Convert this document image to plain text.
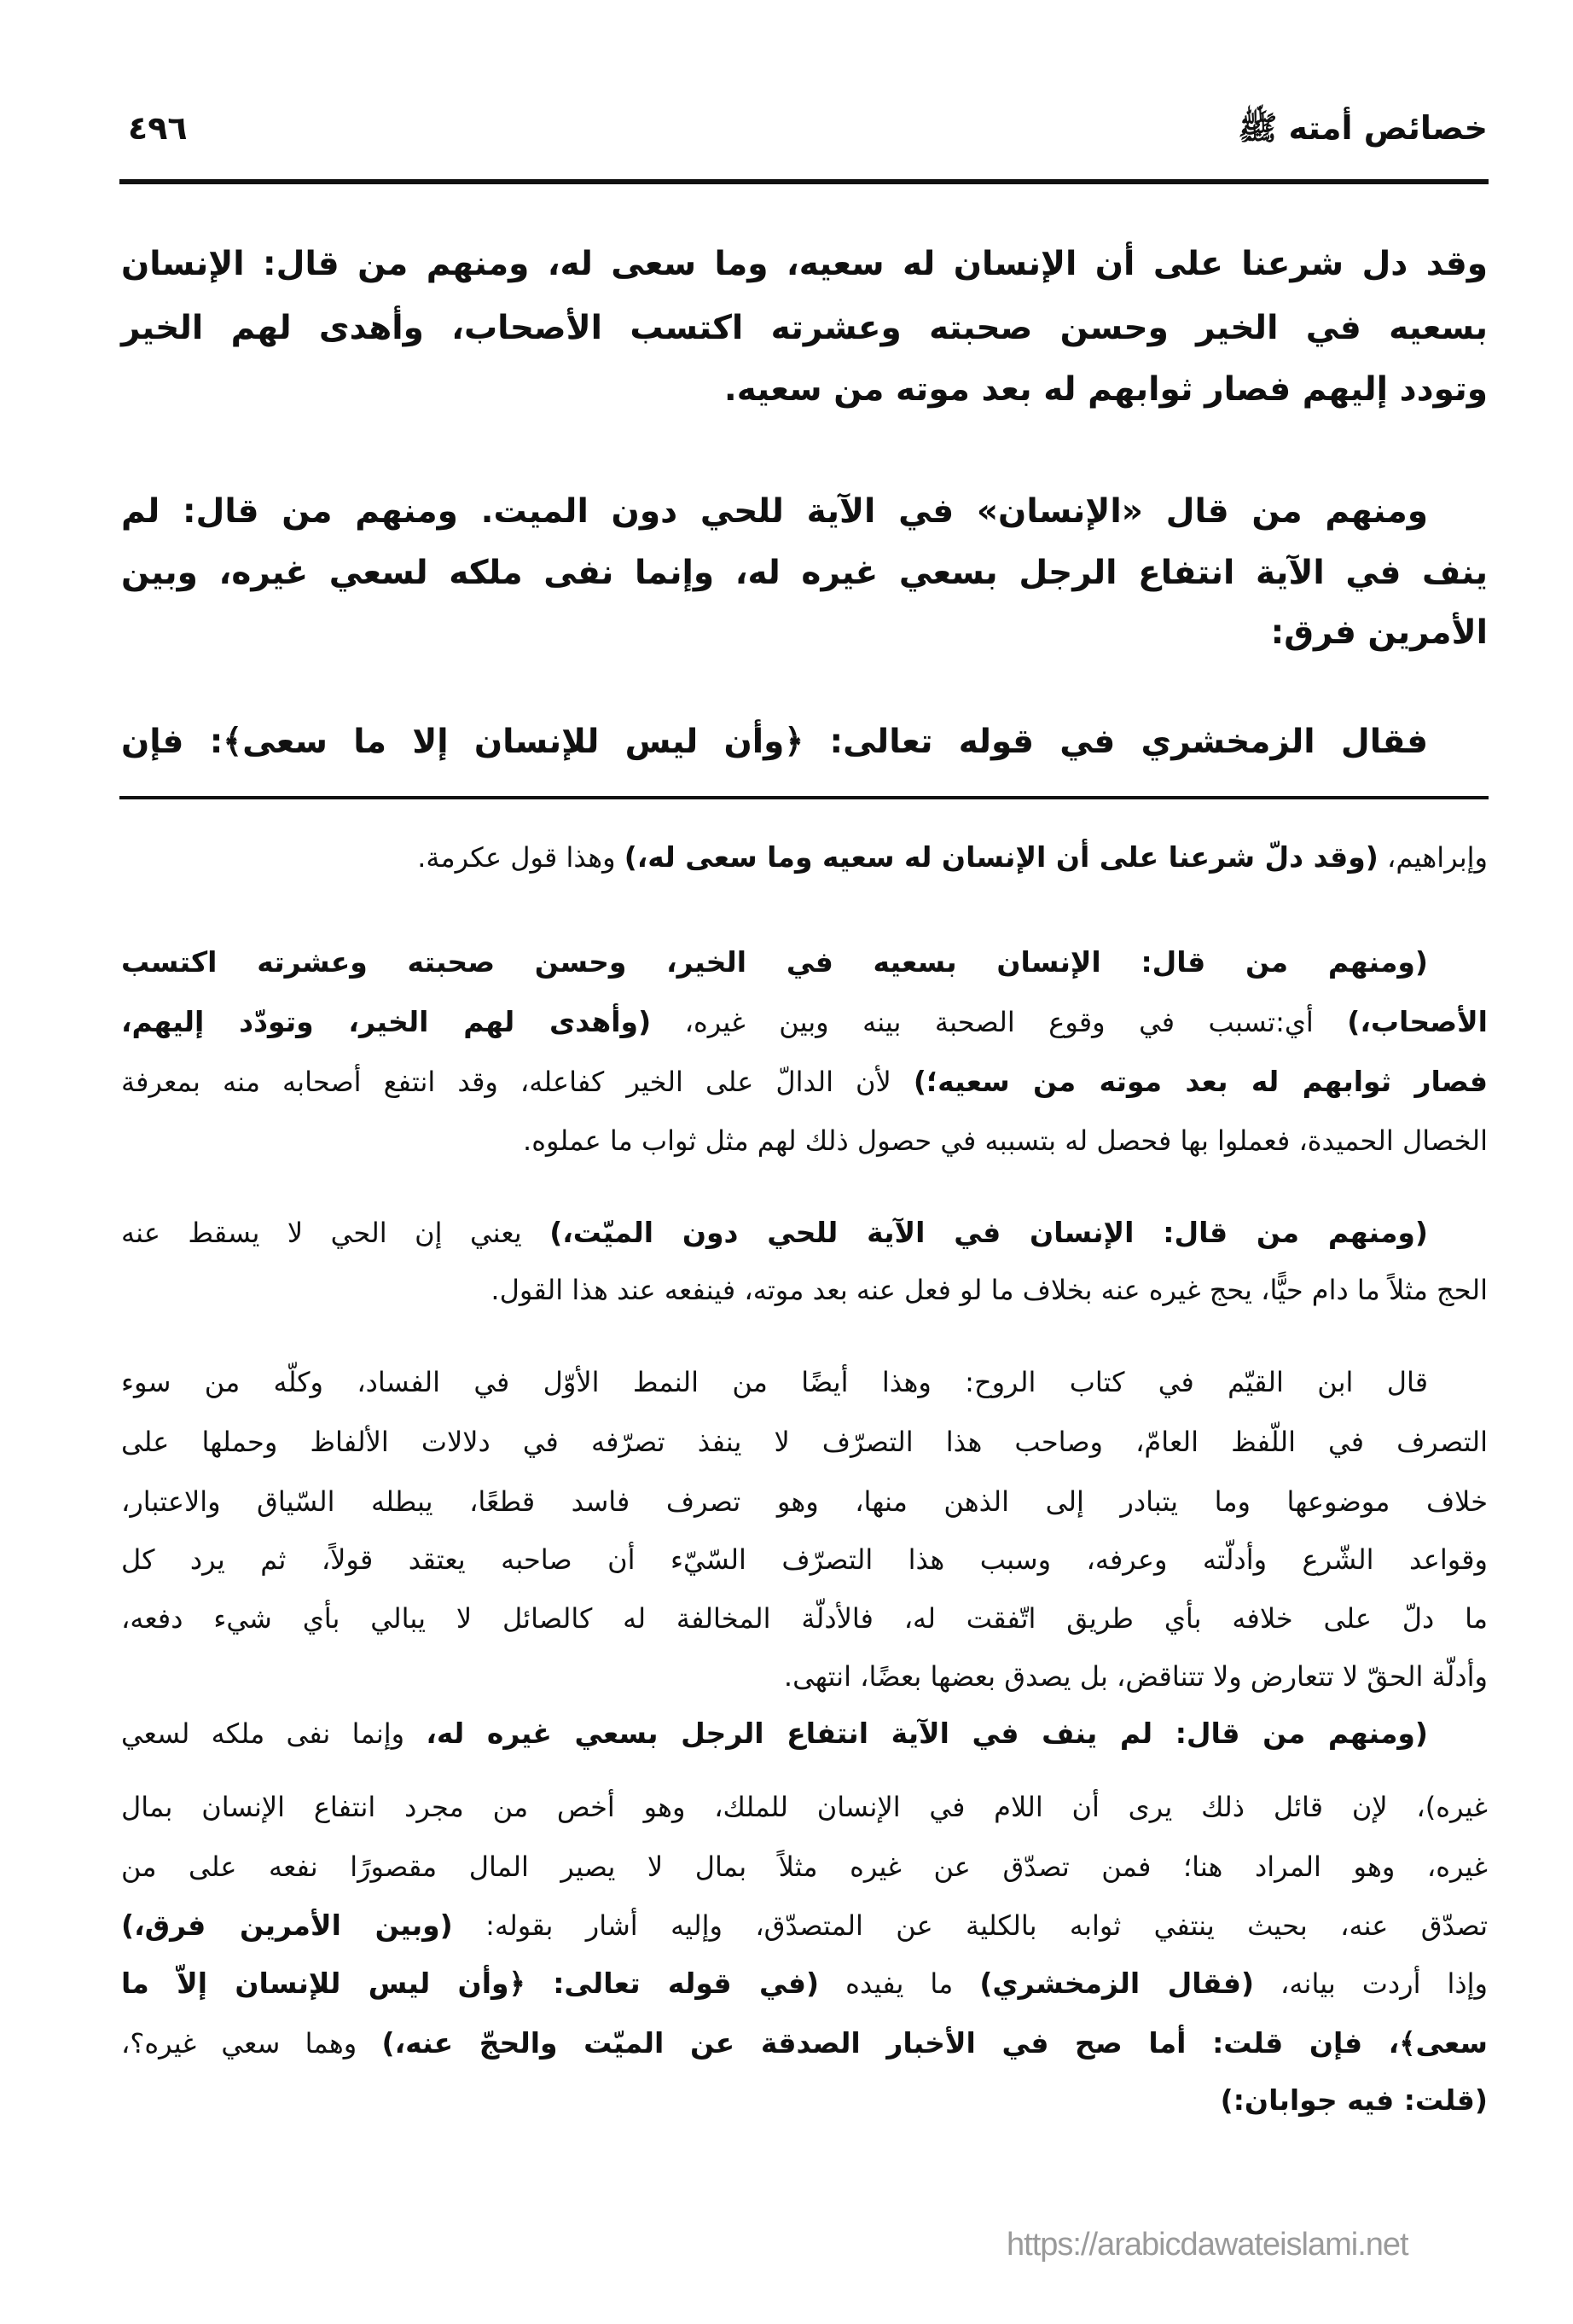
٤٩٦	خصائص أمته ﷺ
وقد دل شرعنا على أن الإنسان له سعيه، وما سعى له، ومنهم من قال: الإنسان
بسعيه في الخير وحسن صحبته وعشرته اكتسب الأصحاب، وأهدى لهم الخير
وتودد إليهم فصار ثوابهم له بعد موته من سعيه.
ومنهم من قال «الإنسان» في الآية للحي دون الميت. ومنهم من قال: لم
ينف في الآية انتفاع الرجل بسعي غيره له، وإنما نفى ملكه لسعي غيره، وبين
الأمرين فرق:
فقال الزمخشري في قوله تعالى: ﴿وأن ليس للإنسان إلا ما سعى﴾: فإن
وإبراهيم، (وقد دلّ شرعنا على أن الإنسان له سعيه وما سعى له،) وهذا قول عكرمة.
(ومنهم من قال: الإنسان بسعيه في الخير، وحسن صحبته وعشرته اكتسب
الأصحاب،) أي:تسبب في وقوع الصحبة بينه وبين غيره، (وأهدى لهم الخير، وتودّد إليهم،
فصار ثوابهم له بعد موته من سعيه؛) لأن الدالّ على الخير كفاعله، وقد انتفع أصحابه منه بمعرفة
الخصال الحميدة، فعملوا بها فحصل له بتسببه في حصول ذلك لهم مثل ثواب ما عملوه.
(ومنهم من قال: الإنسان في الآية للحي دون الميّت،) يعني إن الحي لا يسقط عنه
الحج مثلاً ما دام حيًّا، يحج غيره عنه بخلاف ما لو فعل عنه بعد موته، فينفعه عند هذا القول.
قال ابن القيّم في كتاب الروح: وهذا أيضًا من النمط الأوّل في الفساد، وكلّه من سوء
التصرف في اللّفظ العامّ، وصاحب هذا التصرّف لا ينفذ تصرّفه في دلالات الألفاظ وحملها على
خلاف موضوعها وما يتبادر إلى الذهن منها، وهو تصرف فاسد قطعًا، يبطله السّياق والاعتبار،
وقواعد الشّرع وأدلّته وعرفه، وسبب هذا التصرّف السّيّء أن صاحبه يعتقد قولاً، ثم يرد كل
ما دلّ على خلافه بأي طريق اتّفقت له، فالأدلّة المخالفة له كالصائل لا يبالي بأي شيء دفعه،
وأدلّة الحقّ لا تتعارض ولا تتناقض، بل يصدق بعضها بعضًا، انتهى.
(ومنهم من قال: لم ينف في الآية انتفاع الرجل بسعي غيره له، وإنما نفى ملكه لسعي
غيره)، لإن قائل ذلك يرى أن اللام في الإنسان للملك، وهو أخص من مجرد انتفاع الإنسان بمال
غيره، وهو المراد هنا؛ فمن تصدّق عن غيره مثلاً بمال لا يصير المال مقصورًا نفعه على من
تصدّق عنه، بحيث ينتفي ثوابه بالكلية عن المتصدّق، وإليه أشار بقوله: (وبين الأمرين فرق،)
وإذا أردت بيانه، (فقال الزمخشري) ما يفيده (في قوله تعالى: ﴿وأن ليس للإنسان إلاّ ما
سعى﴾، فإن قلت: أما صح في الأخبار الصدقة عن الميّت والحجّ عنه،) وهما سعي غيره؟،
(قلت: فيه جوابان:)
https://arabicdawateislami.net
